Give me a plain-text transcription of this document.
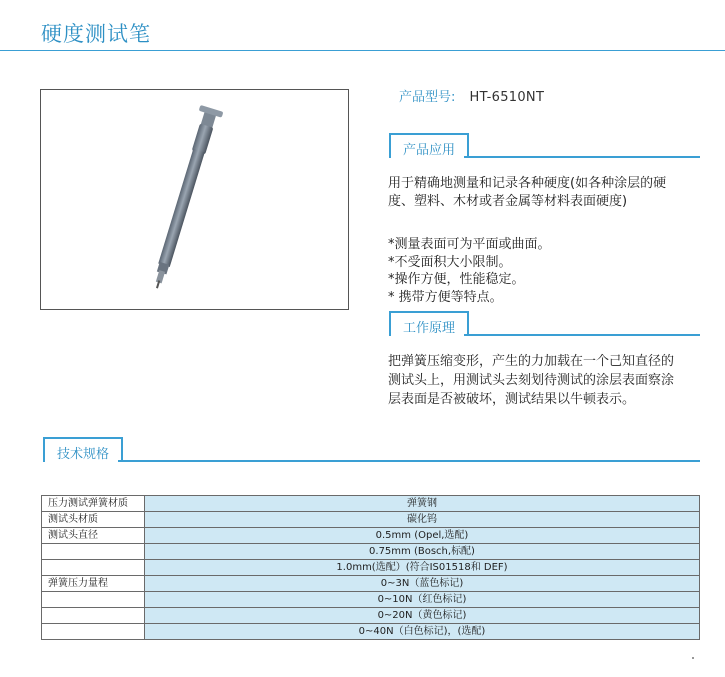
硬度测试笔
产品型号: HT-6510NT
产品应用
用于精确地测量和记录各种硬度(如各种涂层的硬
度、塑料、木材或者金属等材料表面硬度)
*测量表面可为平面或曲面。
*不受面积大小限制。
*操作方便，性能稳定。
* 携带方便等特点。
工作原理
把弹簧压缩变形，产生的力加载在一个己知直径的
测试头上，用测试头去刻划待测试的涂层表面察涂
层表面是否被破坏，测试结果以牛顿表示。
技术规格
压力测试弹簧材质	弹簧钢
测试头材质	碳化钨
测试头直径	0.5mm (Opel,选配)
	0.75mm (Bosch,标配)
	1.0mm(选配）(符合IS01518和 DEF)
弹簧压力量程	0~3N（蓝色标记)
	0~10N（红色标记)
	0~20N（黄色标记)
	0~40N（白色标记)，(选配)
